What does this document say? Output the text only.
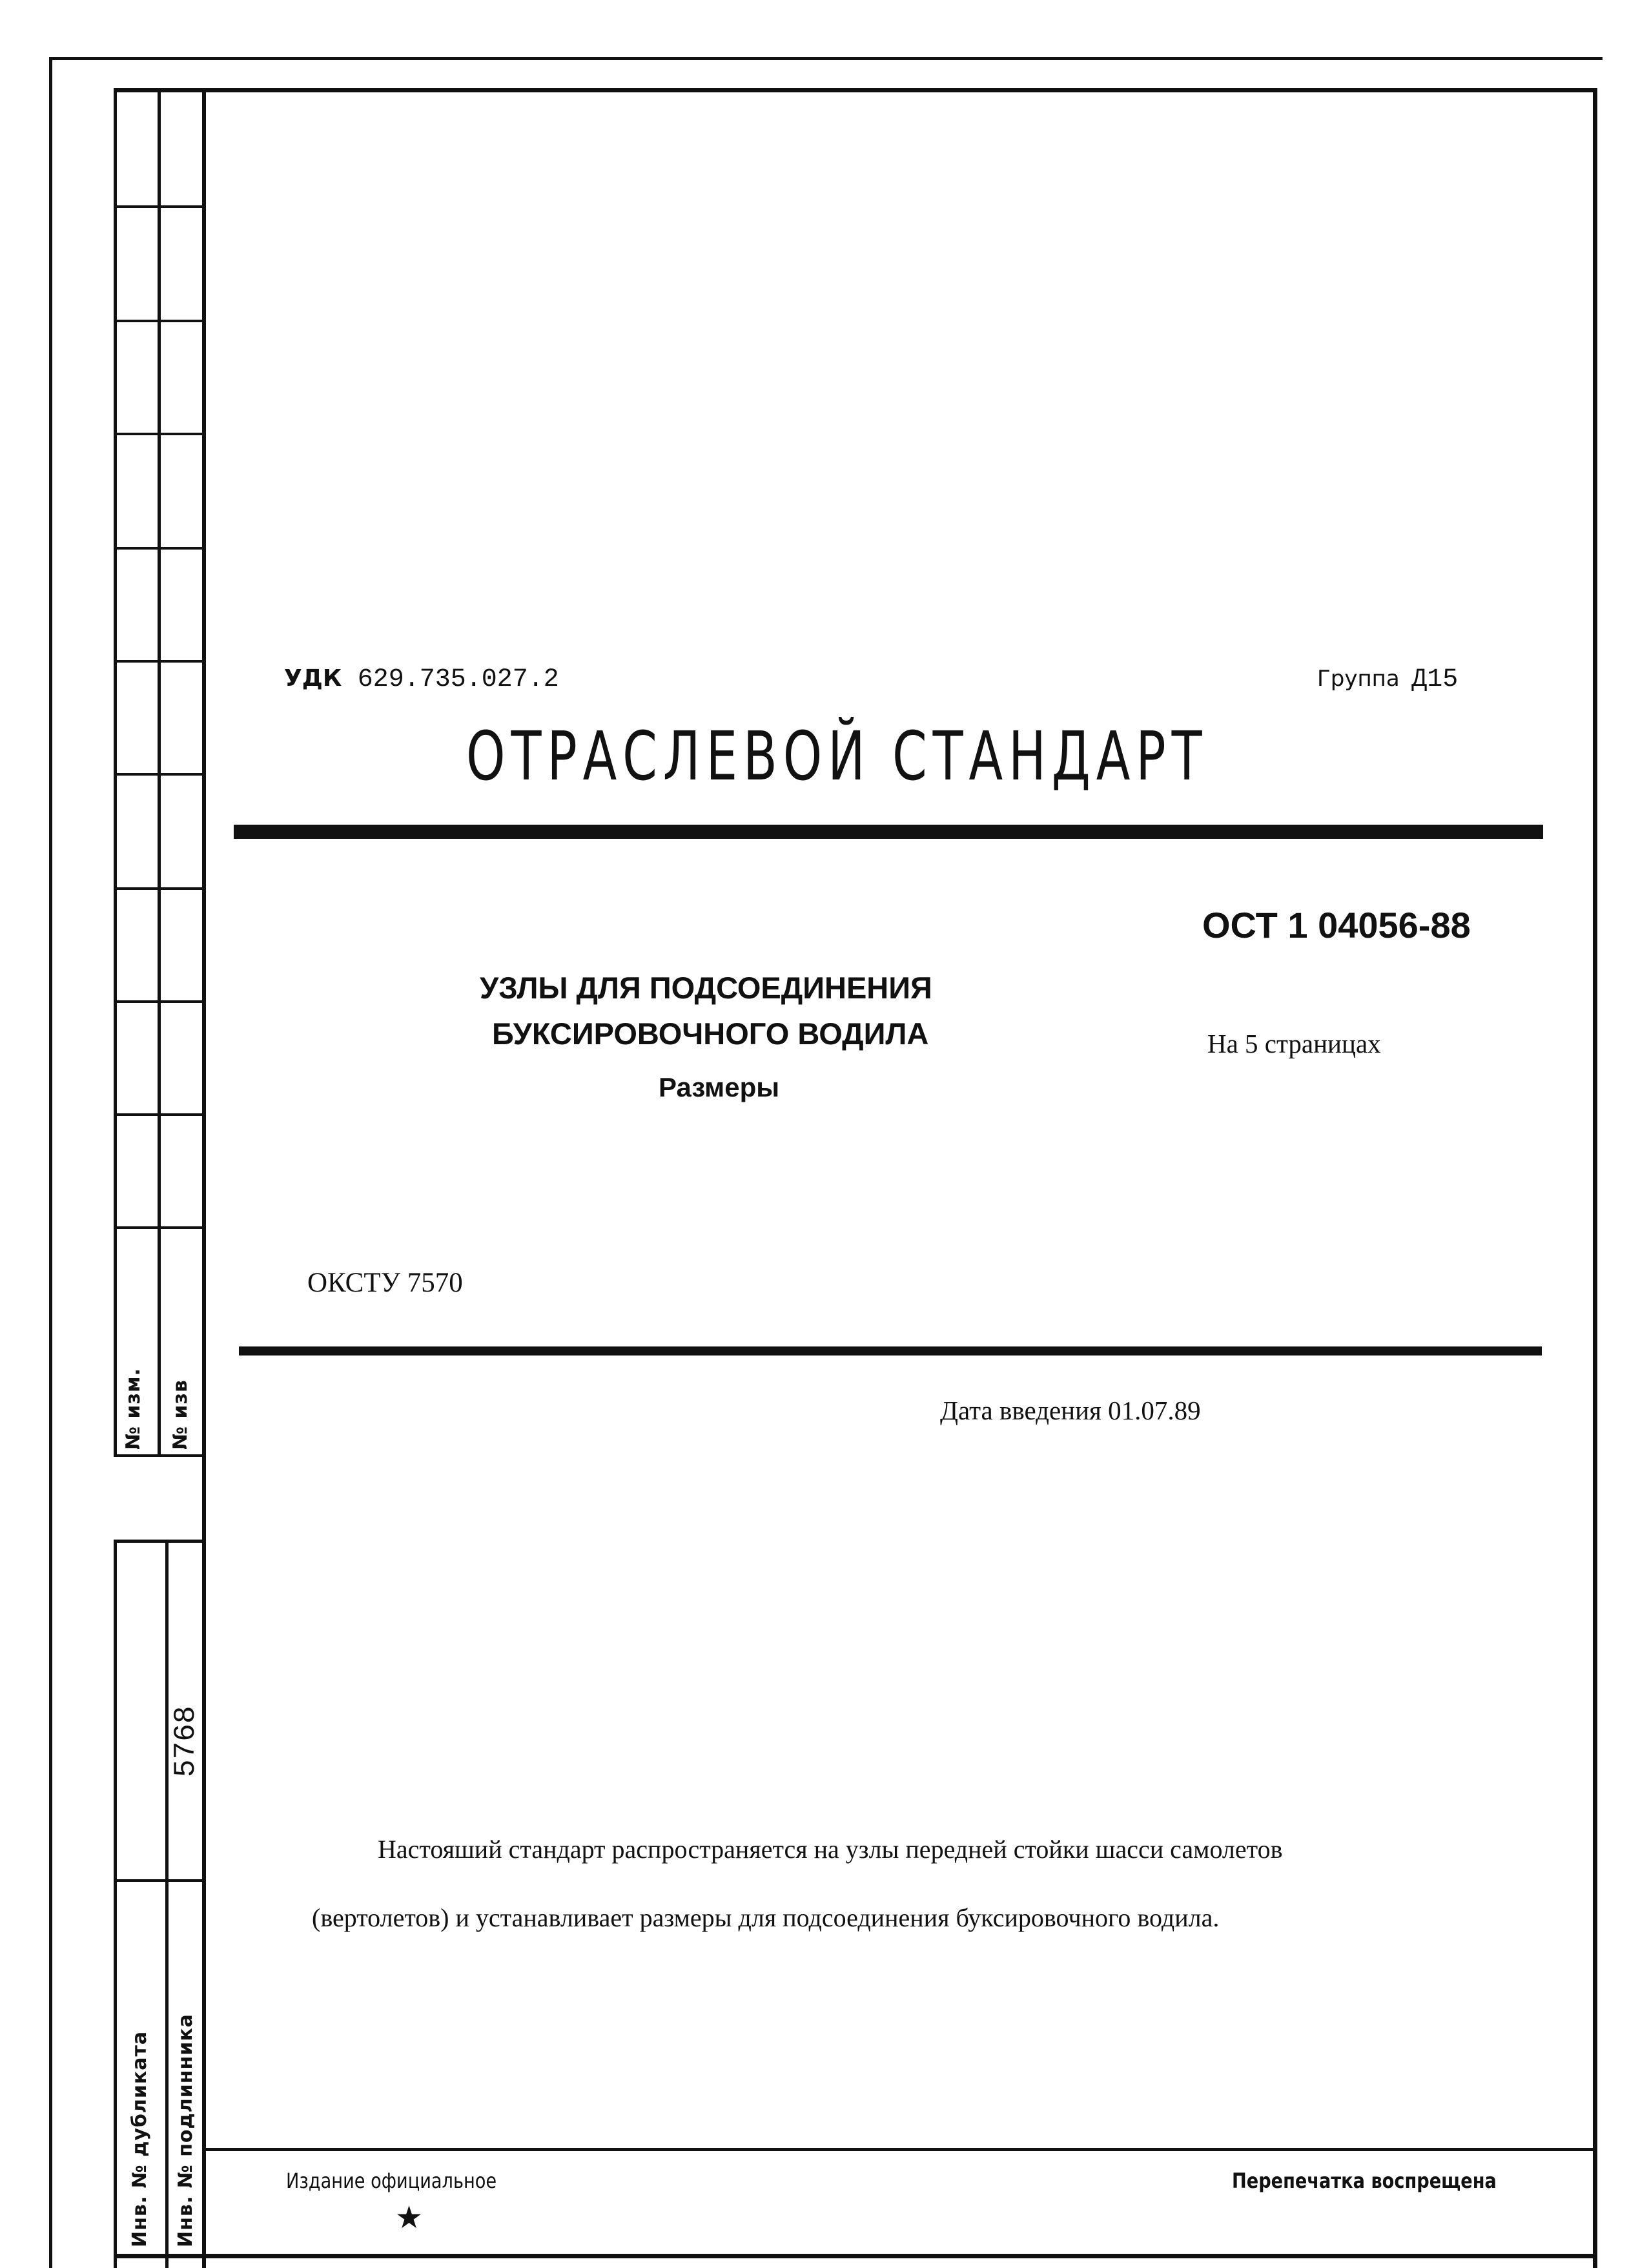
№ изм. № изв
5768
Инв. № дубликата Инв. № подлинника
УДК 629.735.027.2	Группа Д15
ОТРАСЛЕВОЙ СТАНДАРТ
ОСТ 1 04056-88
УЗЛЫ ДЛЯ ПОДСОЕДИНЕНИЯ
БУКСИРОВОЧНОГО ВОДИЛА
Размеры
На 5 страницах
ОКСТУ 7570
Дата введения 01.07.89
Настояший стандарт распространяется на узлы передней стойки шасси самолетов
(вертолетов) и устанавливает размеры для подсоединения буксировочного водила.
Издание официальное
★
Перепечатка воспрещена
